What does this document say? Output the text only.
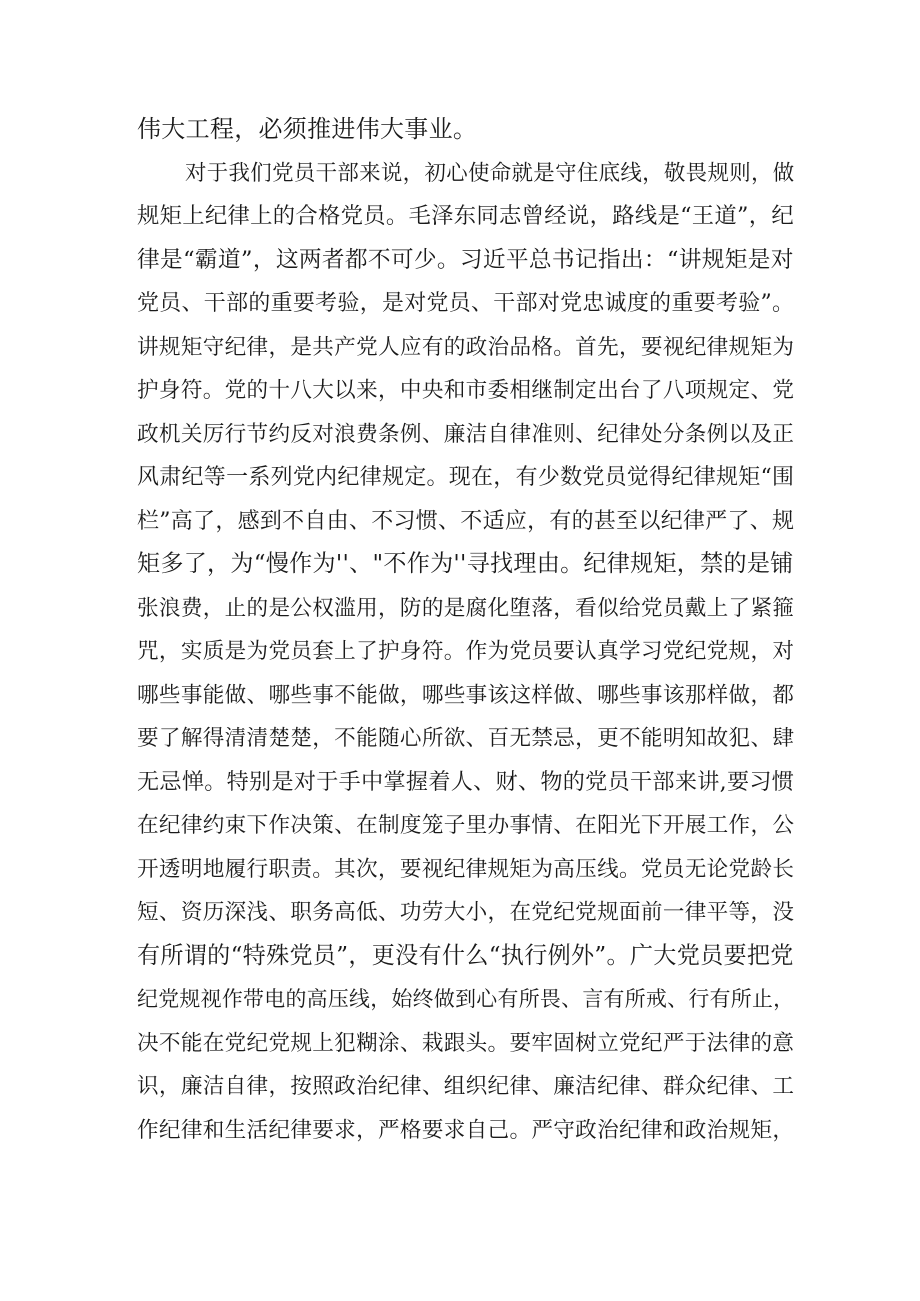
伟大工程，必须推进伟大事业。
对于我们党员干部来说，初心使命就是守住底线，敬畏规则，做
规矩上纪律上的合格党员。毛泽东同志曾经说，路线是“王道”，纪
律是“霸道”，这两者都不可少。习近平总书记指出：“讲规矩是对
党员、干部的重要考验，是对党员、干部对党忠诚度的重要考验”。
讲规矩守纪律，是共产党人应有的政治品格。首先，要视纪律规矩为
护身符。党的十八大以来，中央和市委相继制定出台了八项规定、党
政机关厉行节约反对浪费条例、廉洁自律准则、纪律处分条例以及正
风肃纪等一系列党内纪律规定。现在，有少数党员觉得纪律规矩“围
栏”高了，感到不自由、不习惯、不适应，有的甚至以纪律严了、规
矩多了，为“慢作为''、"不作为''寻找理由。纪律规矩，禁的是铺
张浪费，止的是公权滥用，防的是腐化堕落，看似给党员戴上了紧箍
咒，实质是为党员套上了护身符。作为党员要认真学习党纪党规，对
哪些事能做、哪些事不能做，哪些事该这样做、哪些事该那样做，都
要了解得清清楚楚，不能随心所欲、百无禁忌，更不能明知故犯、肆
无忌惮。特别是对于手中掌握着人、财、物的党员干部来讲,要习惯
在纪律约束下作决策、在制度笼子里办事情、在阳光下开展工作，公
开透明地履行职责。其次，要视纪律规矩为高压线。党员无论党龄长
短、资历深浅、职务高低、功劳大小，在党纪党规面前一律平等，没
有所谓的“特殊党员”，更没有什么“执行例外”。广大党员要把党
纪党规视作带电的高压线，始终做到心有所畏、言有所戒、行有所止，
决不能在党纪党规上犯糊涂、栽跟头。要牢固树立党纪严于法律的意
识，廉洁自律，按照政治纪律、组织纪律、廉洁纪律、群众纪律、工
作纪律和生活纪律要求，严格要求自己。严守政治纪律和政治规矩，
